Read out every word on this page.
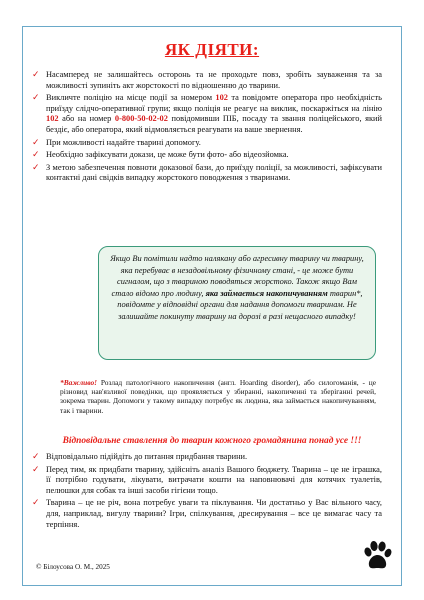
ЯК ДІЯТИ:
✓ Насамперед не залишайтесь осторонь та не проходьте повз, зробіть зауваження та за можливості зупиніть акт жорстокості по відношенню до тварини.
✓ Викличте поліцію на місце події за номером 102 та повідомте оператора про необхідність приїзду слідчо-оперативної групи; якщо поліція не реагує на виклик, поскаржіться на лінію 102 або на номер 0-800-50-02-02 повідомивши ПІБ, посаду та звання поліцейського, який бездіє, або оператора, який відмовляється реагувати на ваше звернення.
✓ При можливості надайте тварині допомогу.
✓ Необхідно зафіксувати докази, це може бути фото- або відеозйомка.
✓ З метою забезпечення повноти доказової бази, до приїзду поліції, за можливості, зафіксувати контактні дані свідків випадку жорстокого поводження з тваринами.
Якщо Ви помітили надто налякану або агресивну тварину чи тварину, яка перебуває в незадовільному фізичному стані, - це може бути сигналом, що з твариною поводяться жорстоко. Також якщо Вам стало відомо про людину, яка займається накопичуванням тварин*, повідомте у відповідні органи для надання допомоги тваринам. Не залишайте покинуту тварину на дорозі в разі нещасного випадку!
*Важливо! Розлад патологічного накопичення (англ. Hoarding disorder), або силогоманія, - це різновид нав'язливої поведінки, що проявляється у збиранні, накопиченні та зберіганні речей, зокрема тварин. Допомоги у такому випадку потребує як людина, яка займається накопичуванням, так і тварини.
Відповідальне ставлення до тварин кожного громадянина понад усе !!!
✓ Відповідально підійдіть до питання придбання тварини.
✓ Перед тим, як придбати тварину, здійсніть аналіз Вашого бюджету. Тварина – це не іграшка, її потрібно годувати, лікувати, витрачати кошти на наповнювачі для котячих туалетів, пелюшки для собак та інші засоби гігієни тощо.
✓ Тварина – це не річ, вона потребує уваги та піклування. Чи достатньо у Вас вільного часу, для, наприклад, вигулу тварини? Ігри, спілкування, дресирування – все це вимагає часу та терпіння.
© Білоусова О. М., 2025
